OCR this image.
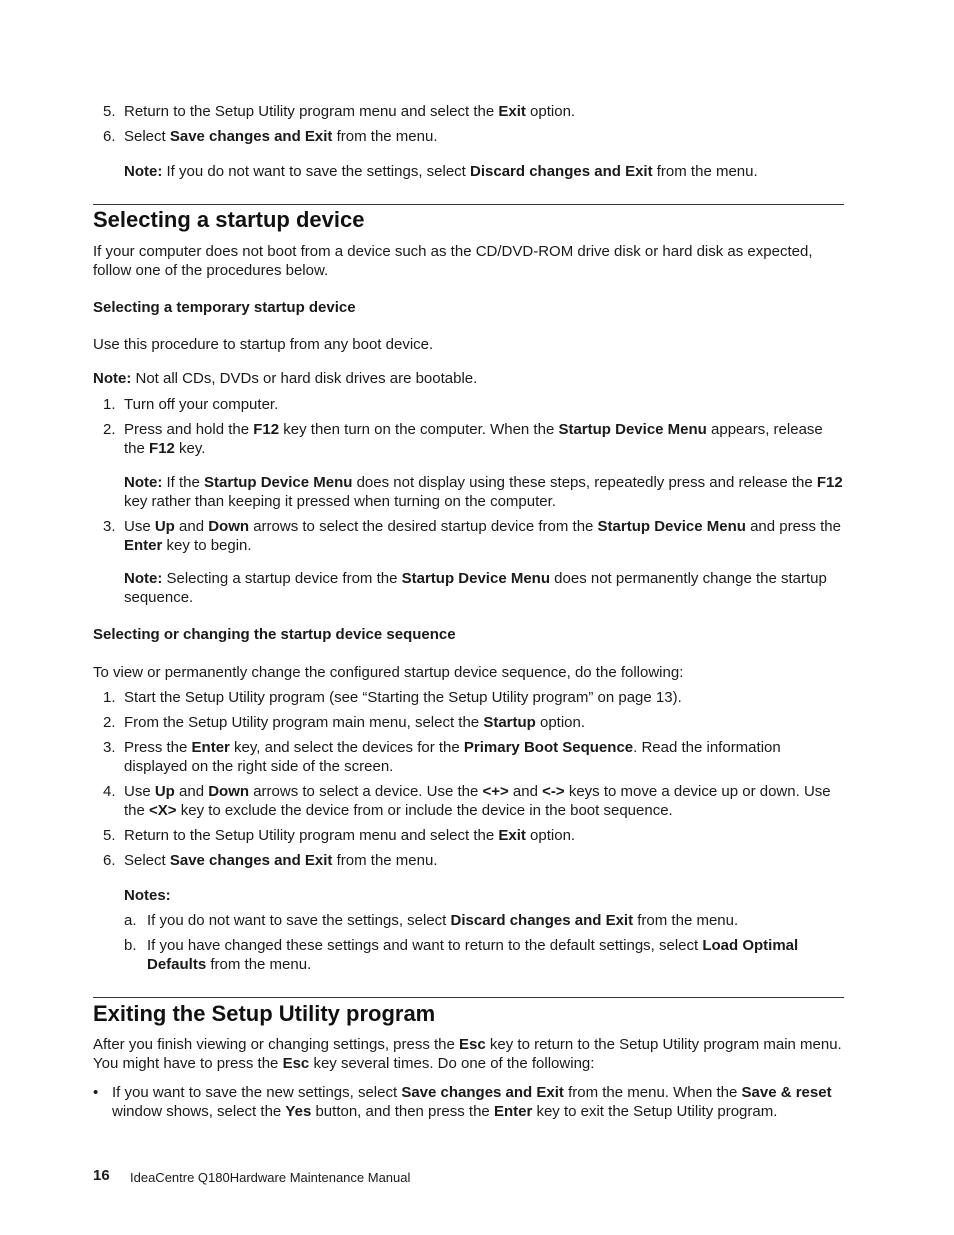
5. Return to the Setup Utility program menu and select the Exit option.
6. Select Save changes and Exit from the menu.
Note: If you do not want to save the settings, select Discard changes and Exit from the menu.
Selecting a startup device
If your computer does not boot from a device such as the CD/DVD-ROM drive disk or hard disk as expected, follow one of the procedures below.
Selecting a temporary startup device
Use this procedure to startup from any boot device.
Note: Not all CDs, DVDs or hard disk drives are bootable.
1. Turn off your computer.
2. Press and hold the F12 key then turn on the computer. When the Startup Device Menu appears, release the F12 key.
Note: If the Startup Device Menu does not display using these steps, repeatedly press and release the F12 key rather than keeping it pressed when turning on the computer.
3. Use Up and Down arrows to select the desired startup device from the Startup Device Menu and press the Enter key to begin.
Note: Selecting a startup device from the Startup Device Menu does not permanently change the startup sequence.
Selecting or changing the startup device sequence
To view or permanently change the configured startup device sequence, do the following:
1. Start the Setup Utility program (see “Starting the Setup Utility program” on page 13).
2. From the Setup Utility program main menu, select the Startup option.
3. Press the Enter key, and select the devices for the Primary Boot Sequence. Read the information displayed on the right side of the screen.
4. Use Up and Down arrows to select a device. Use the <+> and <-> keys to move a device up or down. Use the <X> key to exclude the device from or include the device in the boot sequence.
5. Return to the Setup Utility program menu and select the Exit option.
6. Select Save changes and Exit from the menu.
Notes:
a. If you do not want to save the settings, select Discard changes and Exit from the menu.
b. If you have changed these settings and want to return to the default settings, select Load Optimal Defaults from the menu.
Exiting the Setup Utility program
After you finish viewing or changing settings, press the Esc key to return to the Setup Utility program main menu. You might have to press the Esc key several times. Do one of the following:
• If you want to save the new settings, select Save changes and Exit from the menu. When the Save & reset window shows, select the Yes button, and then press the Enter key to exit the Setup Utility program.
16 IdeaCentre Q180Hardware Maintenance Manual
